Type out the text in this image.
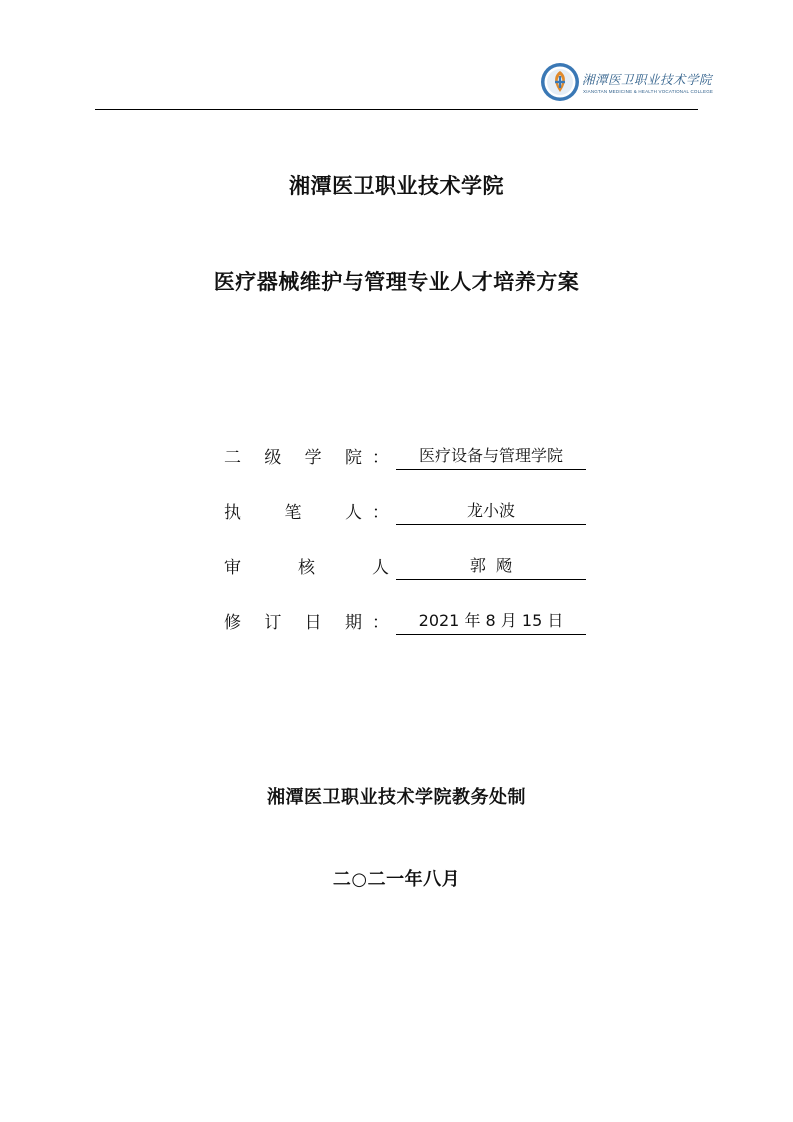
湘潭医卫职业技术学院
XIANGTAN MEDICINE & HEALTH VOCATIONAL COLLEGE
湘潭医卫职业技术学院
医疗器械维护与管理专业人才培养方案
二 级 学 院 ：	医疗设备与管理学院
执	笔	人 ：	龙小波
审	核	人	郭  飏
修 订 日 期 ：	2021 年 8 月 15 日
湘潭医卫职业技术学院教务处制
二○二一年八月
